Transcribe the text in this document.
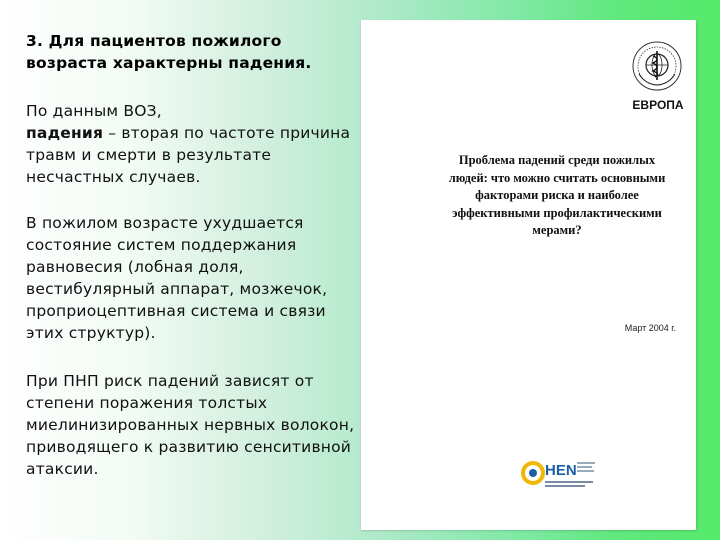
3. Для пациентов пожилого возраста характерны падения.
По данным ВОЗ,
падения – вторая по частоте причина травм и смерти в результате несчастных случаев.
В пожилом возрасте ухудшается состояние систем поддержания равновесия (лобная доля, вестибулярный аппарат, мозжечок, проприоцептивная система и связи этих структур).
При ПНП риск падений зависят от степени поражения толстых миелинизированных нервных волокон, приводящего к развитию сенситивной атаксии.
ЕВРОПА
Проблема падений среди пожилых людей: что можно считать основными факторами риска и наиболее эффективными профилактическими мерами?
Март 2004 г.
HEN
